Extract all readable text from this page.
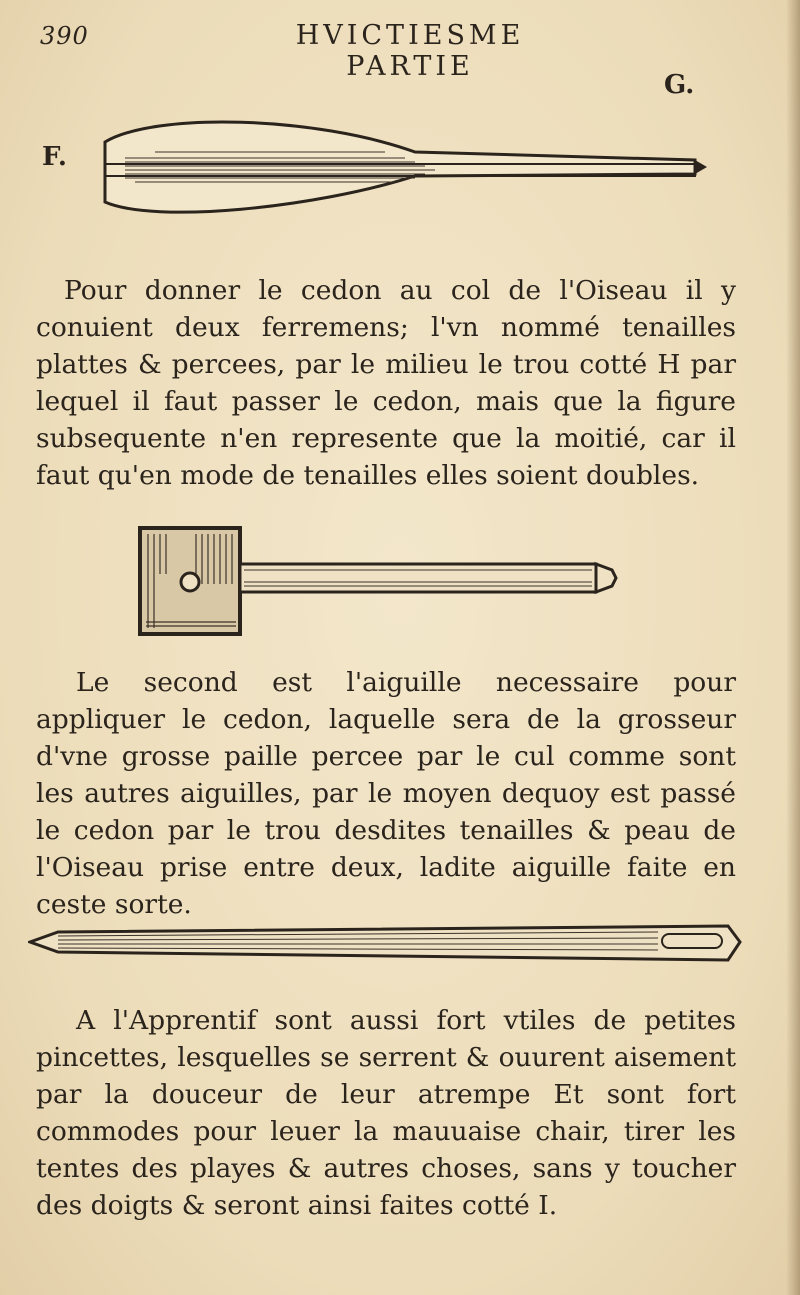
390	HVICTIESME PARTIE
F.
G.

Pour donner le cedon au col de l'Oiseau il y conuient deux ferremens; l'vn nommé tenailles plattes & percees, par le milieu le trou cotté H par lequel il faut passer le cedon, mais que la figure subsequente n'en represente que la moitié, car il faut qu'en mode de tenailles elles soient doubles.

Le second est l'aiguille necessaire pour appliquer le cedon, laquelle sera de la grosseur d'vne grosse paille percee par le cul comme sont les autres aiguilles, par le moyen dequoy est passé le cedon par le trou desdites tenailles & peau de l'Oiseau prise entre deux, ladite aiguille faite en ceste sorte.

A l'Apprentif sont aussi fort vtiles de petites pincettes, lesquelles se serrent & ouurent aisement par la douceur de leur atrempe Et sont fort commodes pour leuer la mauuaise chair, tirer les tentes des playes & autres choses, sans y toucher des doigts & seront ainsi faites cotté I.
